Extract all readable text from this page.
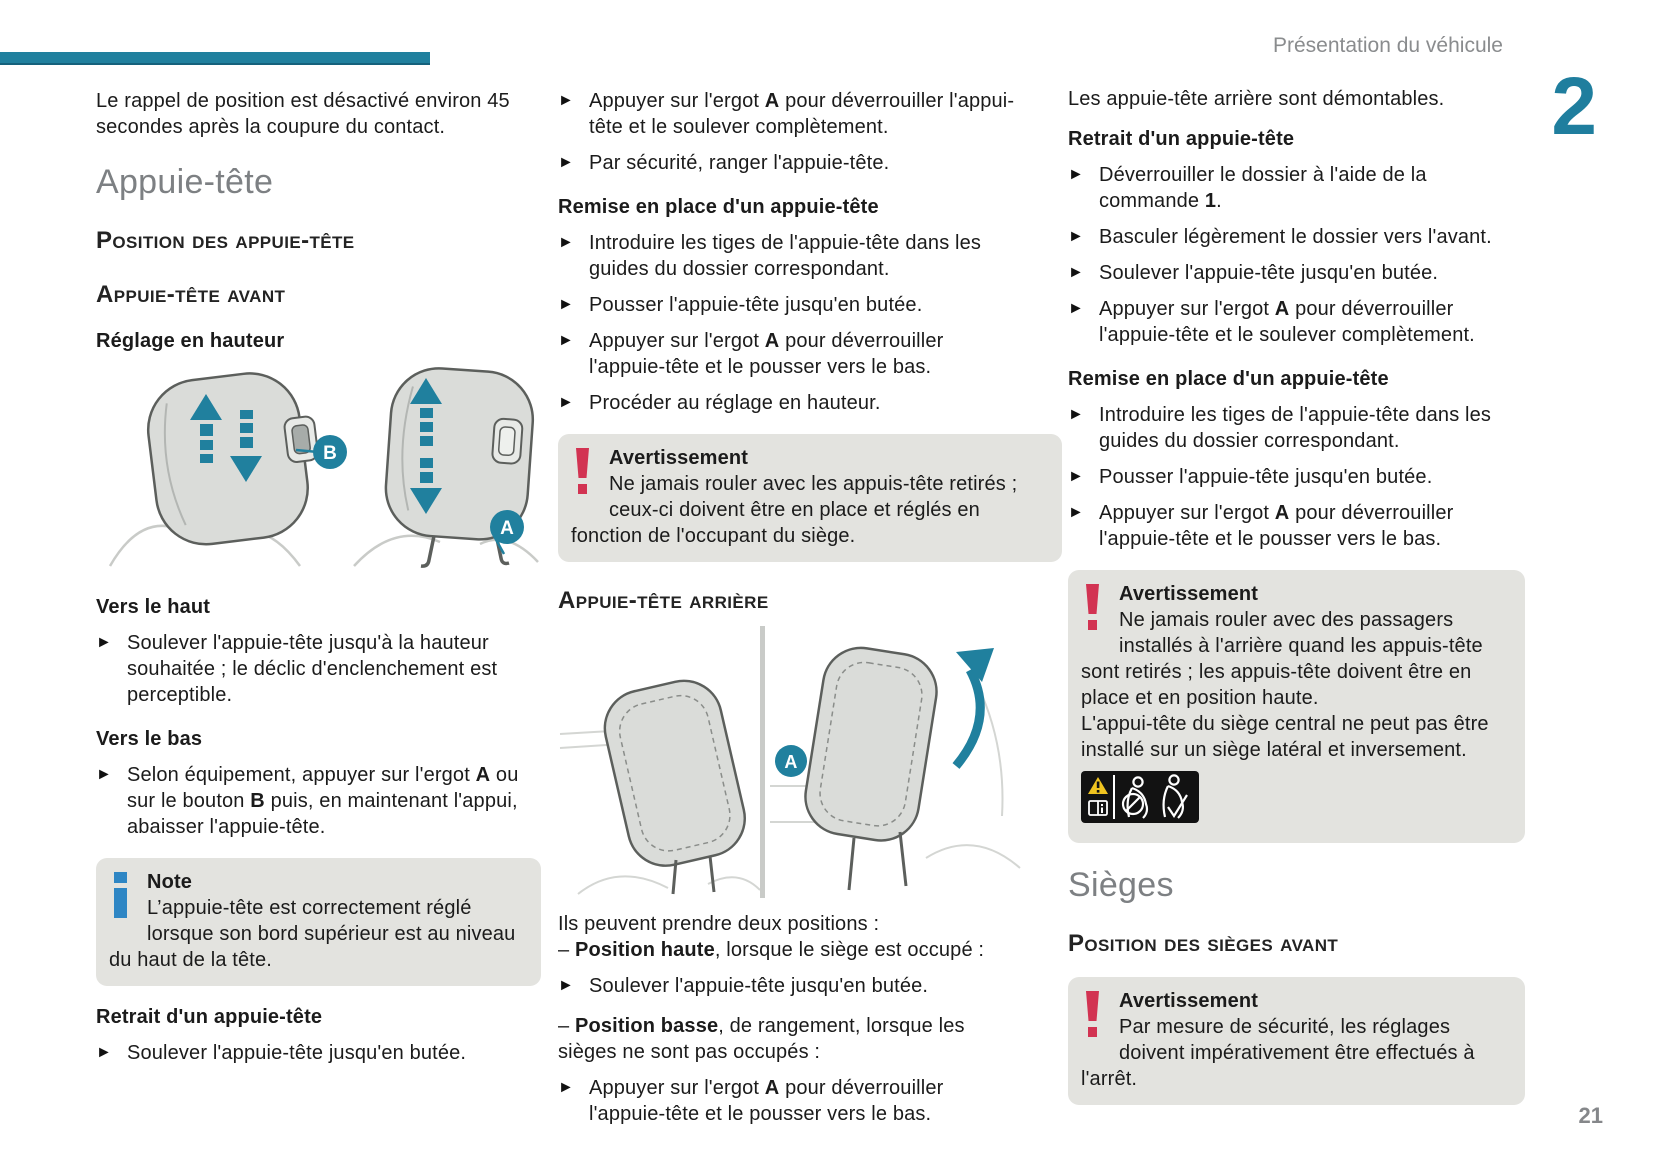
Présentation du véhicule
2

Le rappel de position est désactivé environ 45 secondes après la coupure du contact.

Appuie-tête
Position des appuie-tête
Appuie-tête avant
Réglage en hauteur
B
A
Vers le haut
► Soulever l'appuie-tête jusqu'à la hauteur souhaitée ; le déclic d'enclenchement est perceptible.
Vers le bas
► Selon équipement, appuyer sur l'ergot A ou sur le bouton B puis, en maintenant l'appui, abaisser l'appuie-tête.
Note
L’appuie-tête est correctement réglé lorsque son bord supérieur est au niveau du haut de la tête.
Retrait d'un appuie-tête
► Soulever l'appuie-tête jusqu'en butée.
► Appuyer sur l'ergot A pour déverrouiller l'appui-tête et le soulever complètement.
► Par sécurité, ranger l'appuie-tête.
Remise en place d'un appuie-tête
► Introduire les tiges de l'appuie-tête dans les guides du dossier correspondant.
► Pousser l'appuie-tête jusqu'en butée.
► Appuyer sur l'ergot A pour déverrouiller l'appuie-tête et le pousser vers le bas.
► Procéder au réglage en hauteur.
Avertissement
Ne jamais rouler avec les appuis-tête retirés ; ceux-ci doivent être en place et réglés en fonction de l'occupant du siège.
Appuie-tête arrière
A

Ils peuvent prendre deux positions :

– Position haute, lorsque le siège est occupé :
► Soulever l'appuie-tête jusqu'en butée.
– Position basse, de rangement, lorsque les sièges ne sont pas occupés :
► Appuyer sur l'ergot A pour déverrouiller l'appuie-tête et le pousser vers le bas.

Les appuie-tête arrière sont démontables.

Retrait d'un appuie-tête
► Déverrouiller le dossier à l'aide de la commande 1.
► Basculer légèrement le dossier vers l'avant.
► Soulever l'appuie-tête jusqu'en butée.
► Appuyer sur l'ergot A pour déverrouiller l'appuie-tête et le soulever complètement.
Remise en place d'un appuie-tête
► Introduire les tiges de l'appuie-tête dans les guides du dossier correspondant.
► Pousser l'appuie-tête jusqu'en butée.
► Appuyer sur l'ergot A pour déverrouiller l'appuie-tête et le pousser vers le bas.
Avertissement
Ne jamais rouler avec des passagers installés à l'arrière quand les appuis-tête sont retirés ; les appuis-tête doivent être en place et en position haute.
L'appui-tête du siège central ne peut pas être installé sur un siège latéral et inversement.
Sièges
Position des sièges avant
Avertissement
Par mesure de sécurité, les réglages doivent impérativement être effectués à l'arrêt.
21
